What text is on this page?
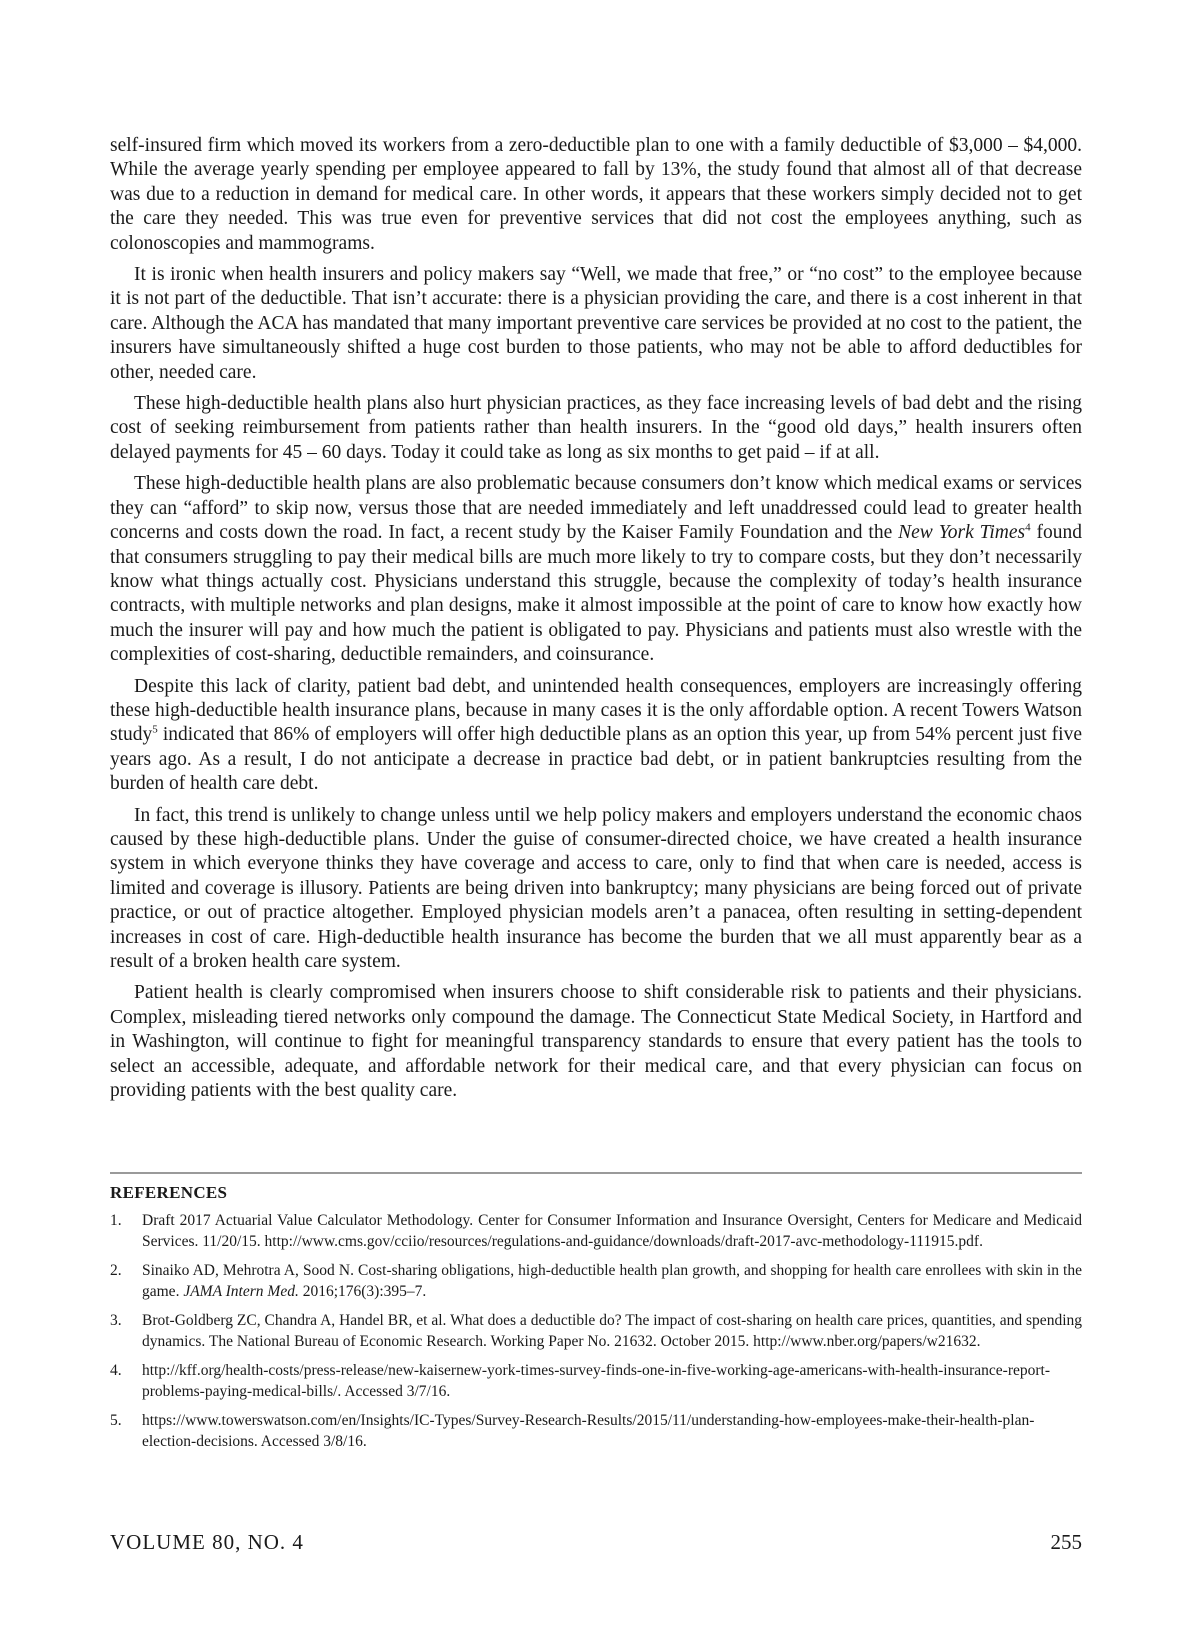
self-insured firm which moved its workers from a zero-deductible plan to one with a family deductible of $3,000 – $4,000. While the average yearly spending per employee appeared to fall by 13%, the study found that almost all of that decrease was due to a reduction in demand for medical care. In other words, it appears that these workers simply decided not to get the care they needed. This was true even for preventive services that did not cost the employees anything, such as colonoscopies and mammograms.

It is ironic when health insurers and policy makers say “Well, we made that free,” or “no cost” to the employee because it is not part of the deductible. That isn’t accurate: there is a physician providing the care, and there is a cost inherent in that care. Although the ACA has mandated that many important preventive care services be provided at no cost to the patient, the insurers have simultaneously shifted a huge cost burden to those patients, who may not be able to afford deductibles for other, needed care.

These high-deductible health plans also hurt physician practices, as they face increasing levels of bad debt and the rising cost of seeking reimbursement from patients rather than health insurers. In the “good old days,” health insurers often delayed payments for 45 – 60 days. Today it could take as long as six months to get paid – if at all.

These high-deductible health plans are also problematic because consumers don’t know which medical exams or services they can “afford” to skip now, versus those that are needed immediately and left unaddressed could lead to greater health concerns and costs down the road. In fact, a recent study by the Kaiser Family Foundation and the New York Times$^4$ found that consumers struggling to pay their medical bills are much more likely to try to compare costs, but they don’t necessarily know what things actually cost. Physicians understand this struggle, because the complexity of today’s health insurance contracts, with multiple networks and plan designs, make it almost impossible at the point of care to know how exactly how much the insurer will pay and how much the patient is obligated to pay. Physicians and patients must also wrestle with the complexities of cost-sharing, deductible remainders, and coinsurance.

Despite this lack of clarity, patient bad debt, and unintended health consequences, employers are increasingly offering these high-deductible health insurance plans, because in many cases it is the only affordable option. A recent Towers Watson study$^5$ indicated that 86% of employers will offer high deductible plans as an option this year, up from 54% percent just five years ago. As a result, I do not anticipate a decrease in practice bad debt, or in patient bankruptcies resulting from the burden of health care debt.

In fact, this trend is unlikely to change unless until we help policy makers and employers understand the economic chaos caused by these high-deductible plans. Under the guise of consumer-directed choice, we have created a health insurance system in which everyone thinks they have coverage and access to care, only to find that when care is needed, access is limited and coverage is illusory. Patients are being driven into bankruptcy; many physicians are being forced out of private practice, or out of practice altogether. Employed physician models aren’t a panacea, often resulting in setting-dependent increases in cost of care. High-deductible health insurance has become the burden that we all must apparently bear as a result of a broken health care system.

Patient health is clearly compromised when insurers choose to shift considerable risk to patients and their physicians. Complex, misleading tiered networks only compound the damage. The Connecticut State Medical Society, in Hartford and in Washington, will continue to fight for meaningful transparency standards to ensure that every patient has the tools to select an accessible, adequate, and affordable network for their medical care, and that every physician can focus on providing patients with the best quality care.

REFERENCES
1. Draft 2017 Actuarial Value Calculator Methodology. Center for Consumer Information and Insurance Oversight, Centers for Medicare and Medicaid Services. 11/20/15. http://www.cms.gov/cciio/resources/regulations-and-guidance/downloads/draft-2017-avc-methodology-111915.pdf.
2. Sinaiko AD, Mehrotra A, Sood N. Cost-sharing obligations, high-deductible health plan growth, and shopping for health care enrollees with skin in the game. JAMA Intern Med. 2016;176(3):395–7.
3. Brot-Goldberg ZC, Chandra A, Handel BR, et al. What does a deductible do? The impact of cost-sharing on health care prices, quantities, and spending dynamics. The National Bureau of Economic Research. Working Paper No. 21632. October 2015. http://www.nber.org/papers/w21632.
4. http://kff.org/health-costs/press-release/new-kaisernew-york-times-survey-finds-one-in-five-working-age-americans-with-health-insurance-report-problems-paying-medical-bills/. Accessed 3/7/16.
5. https://www.towerswatson.com/en/Insights/IC-Types/Survey-Research-Results/2015/11/understanding-how-employees-make-their-health-plan-election-decisions. Accessed 3/8/16.
VOLUME 80, NO. 4	255
